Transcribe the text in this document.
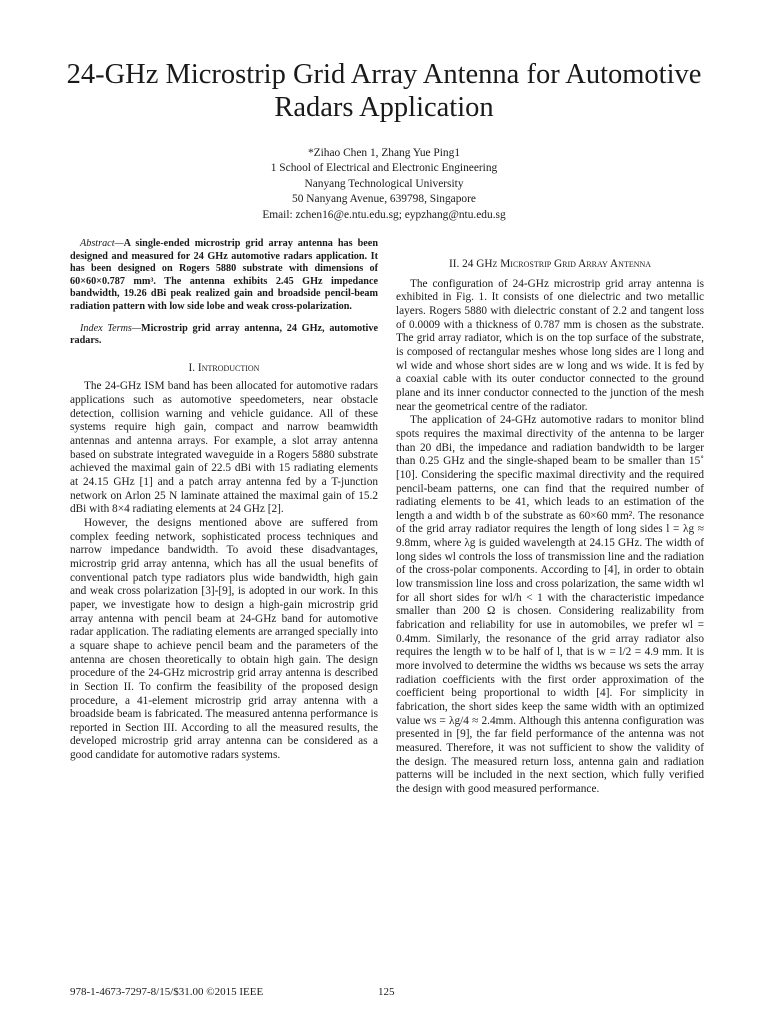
24-GHz Microstrip Grid Array Antenna for Automotive Radars Application
*Zihao Chen 1, Zhang Yue Ping1
1 School of Electrical and Electronic Engineering
Nanyang Technological University
50 Nanyang Avenue, 639798, Singapore
Email: zchen16@e.ntu.edu.sg; eypzhang@ntu.edu.sg

Abstract—A single-ended microstrip grid array antenna has been designed and measured for 24 GHz automotive radars application. It has been designed on Rogers 5880 substrate with dimensions of 60×60×0.787 mm³. The antenna exhibits 2.45 GHz impedance bandwidth, 19.26 dBi peak realized gain and broadside pencil-beam radiation pattern with low side lobe and weak cross-polarization.

Index Terms—Microstrip grid array antenna, 24 GHz, automotive radars.

I. Introduction

The 24-GHz ISM band has been allocated for automotive radars applications such as automotive speedometers, near obstacle detection, collision warning and vehicle guidance. All of these systems require high gain, compact and narrow beamwidth antennas and antenna arrays. For example, a slot array antenna based on substrate integrated waveguide in a Rogers 5880 substrate achieved the maximal gain of 22.5 dBi with 15 radiating elements at 24.15 GHz [1] and a patch array antenna fed by a T-junction network on Arlon 25 N laminate attained the maximal gain of 15.2 dBi with 8×4 radiating elements at 24 GHz [2].

However, the designs mentioned above are suffered from complex feeding network, sophisticated process techniques and narrow impedance bandwidth. To avoid these disadvantages, microstrip grid array antenna, which has all the usual benefits of conventional patch type radiators plus wide bandwidth, high gain and weak cross polarization [3]-[9], is adopted in our work. In this paper, we investigate how to design a high-gain microstrip grid array antenna with pencil beam at 24-GHz band for automotive radar application. The radiating elements are arranged specially into a square shape to achieve pencil beam and the parameters of the antenna are chosen theoretically to obtain high gain. The design procedure of the 24-GHz microstrip grid array antenna is described in Section II. To confirm the feasibility of the proposed design procedure, a 41-element microstrip grid array antenna with a broadside beam is fabricated. The measured antenna performance is reported in Section III. According to all the measured results, the developed microstrip grid array antenna can be considered as a good candidate for automotive radars systems.

II. 24 GHz Microstrip Grid Array Antenna

The configuration of 24-GHz microstrip grid array antenna is exhibited in Fig. 1. It consists of one dielectric and two metallic layers. Rogers 5880 with dielectric constant of 2.2 and tangent loss of 0.0009 with a thickness of 0.787 mm is chosen as the substrate. The grid array radiator, which is on the top surface of the substrate, is composed of rectangular meshes whose long sides are l long and wl wide and whose short sides are w long and ws wide. It is fed by a coaxial cable with its outer conductor connected to the ground plane and its inner conductor connected to the junction of the mesh near the geometrical centre of the radiator.

The application of 24-GHz automotive radars to monitor blind spots requires the maximal directivity of the antenna to be larger than 20 dBi, the impedance and radiation bandwidth to be larger than 0.25 GHz and the single-shaped beam to be smaller than 15˚ [10]. Considering the specific maximal directivity and the required pencil-beam patterns, one can find that the required number of radiating elements to be 41, which leads to an estimation of the length a and width b of the substrate as 60×60 mm². The resonance of the grid array radiator requires the length of long sides l = λg ≈ 9.8mm, where λg is guided wavelength at 24.15 GHz. The width of long sides wl controls the loss of transmission line and the radiation of the cross-polar components. According to [4], in order to obtain low transmission line loss and cross polarization, the same width wl for all short sides for wl/h < 1 with the characteristic impedance smaller than 200 Ω is chosen. Considering realizability from fabrication and reliability for use in automobiles, we prefer wl = 0.4mm. Similarly, the resonance of the grid array radiator also requires the length w to be half of l, that is w = l/2 = 4.9 mm. It is more involved to determine the widths ws because ws sets the array radiation coefficients with the first order approximation of the coefficient being proportional to width [4]. For simplicity in fabrication, the short sides keep the same width with an optimized value ws = λg/4 ≈ 2.4mm. Although this antenna configuration was presented in [9], the far field performance of the antenna was not measured. Therefore, it was not sufficient to show the validity of the design. The measured return loss, antenna gain and radiation patterns will be included in the next section, which fully verified the design with good measured performance.

978-1-4673-7297-8/15/$31.00 ©2015 IEEE	125
